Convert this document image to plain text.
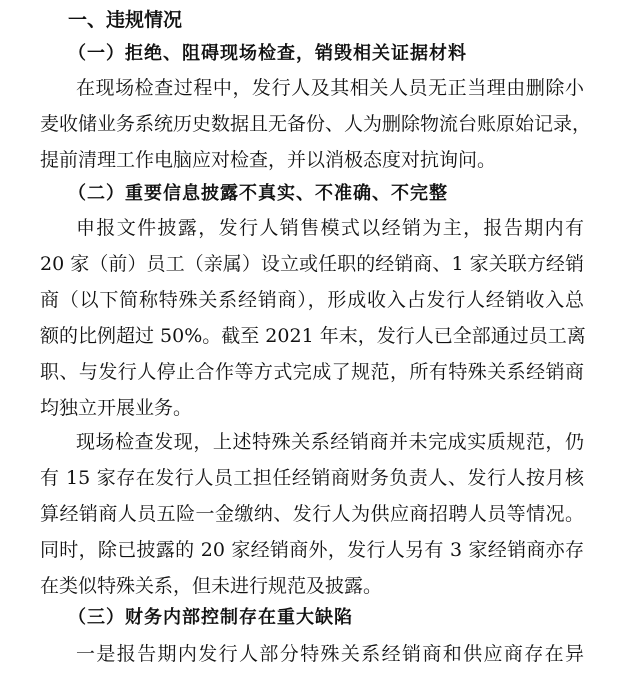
一、违规情况
（一）拒绝、阻碍现场检查，销毁相关证据材料
在现场检查过程中，发行人及其相关人员无正当理由删除小
麦收储业务系统历史数据且无备份、人为删除物流台账原始记录，
提前清理工作电脑应对检查，并以消极态度对抗询问。
（二）重要信息披露不真实、不准确、不完整
申报文件披露，发行人销售模式以经销为主，报告期内有
20 家（前）员工（亲属）设立或任职的经销商、1 家关联方经销
商（以下简称特殊关系经销商），形成收入占发行人经销收入总
额的比例超过 50%。截至 2021 年末，发行人已全部通过员工离
职、与发行人停止合作等方式完成了规范，所有特殊关系经销商
均独立开展业务。
现场检查发现，上述特殊关系经销商并未完成实质规范，仍
有 15 家存在发行人员工担任经销商财务负责人、发行人按月核
算经销商人员五险一金缴纳、发行人为供应商招聘人员等情况。
同时，除已披露的 20 家经销商外，发行人另有 3 家经销商亦存
在类似特殊关系，但未进行规范及披露。
（三）财务内部控制存在重大缺陷
一是报告期内发行人部分特殊关系经销商和供应商存在异
